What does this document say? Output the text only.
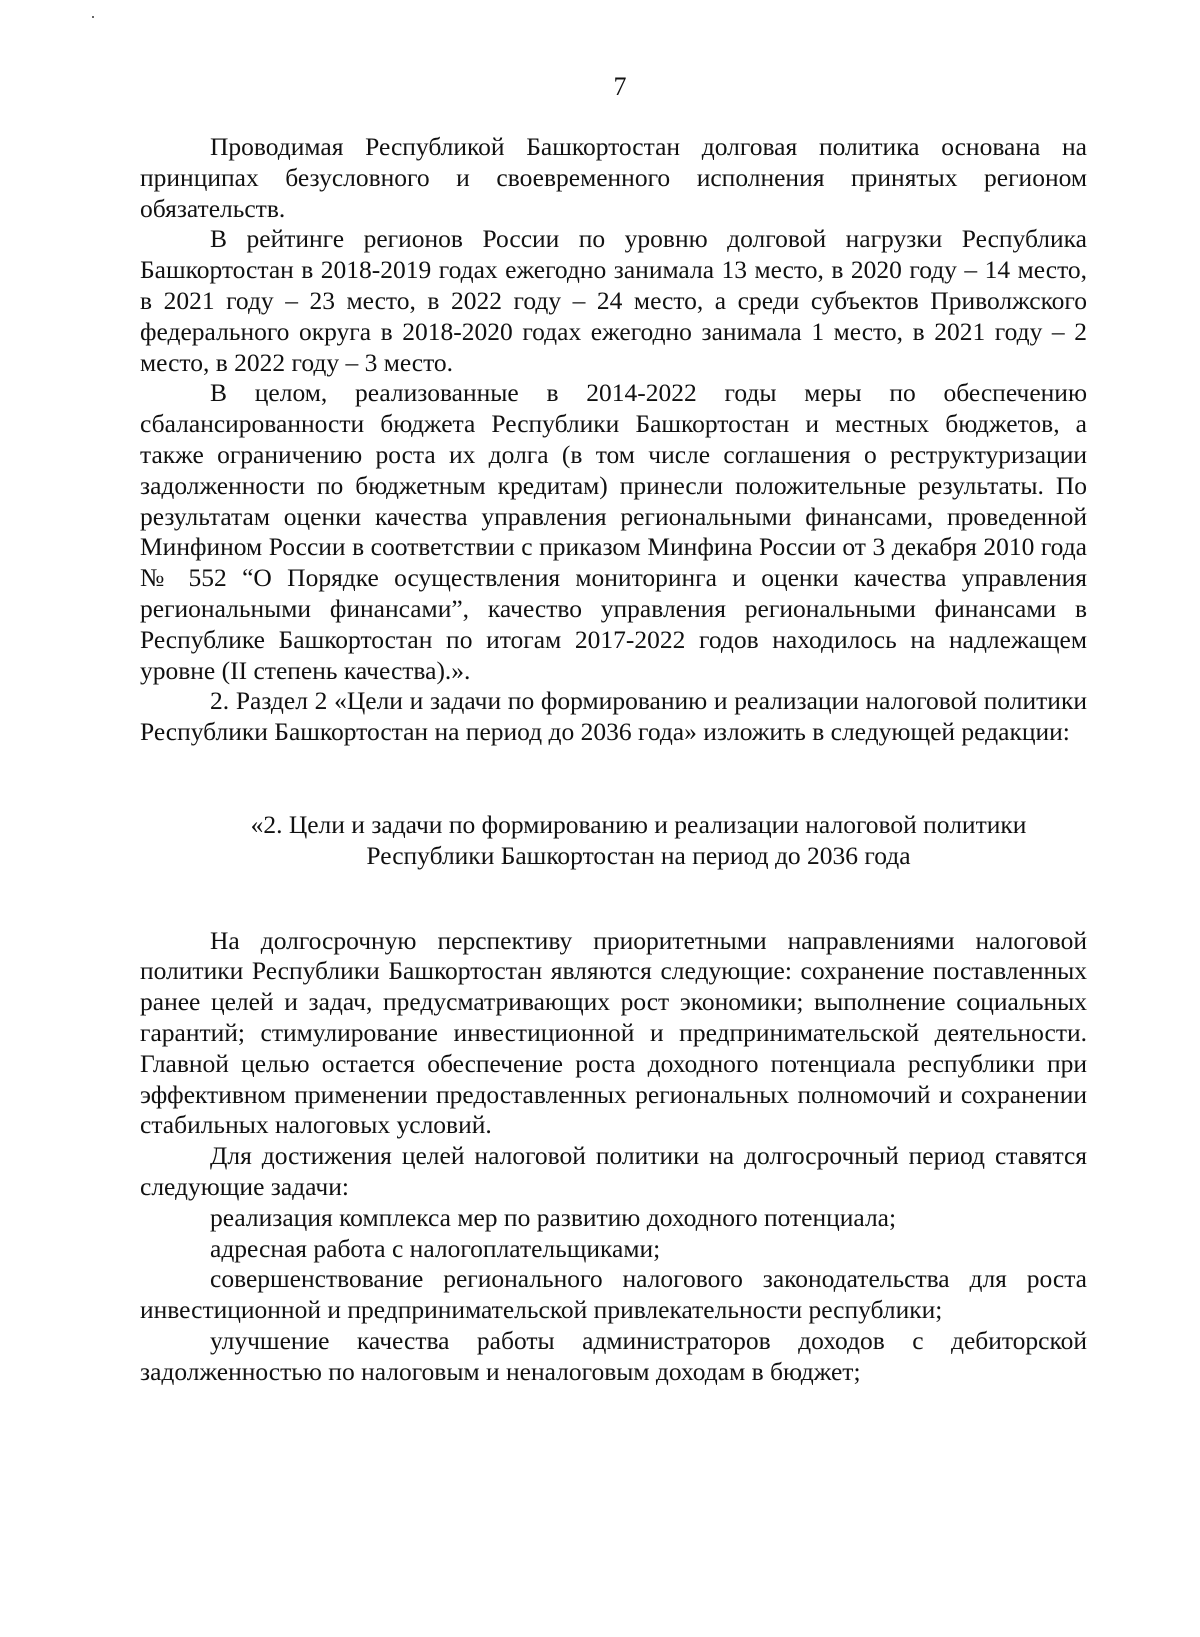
7

Проводимая Республикой Башкортостан долговая политика основана на принципах безусловного и своевременного исполнения принятых регионом обязательств.

В рейтинге регионов России по уровню долговой нагрузки Республика Башкортостан в 2018-2019 годах ежегодно занимала 13 место, в 2020 году – 14 место, в 2021 году – 23 место, в 2022 году – 24 место, а среди субъектов Приволжского федерального округа в 2018-2020 годах ежегодно занимала 1 место, в 2021 году – 2 место, в 2022 году – 3 место.

В целом, реализованные в 2014-2022 годы меры по обеспечению сбалансированности бюджета Республики Башкортостан и местных бюджетов, а также ограничению роста их долга (в том числе соглашения о реструктуризации задолженности по бюджетным кредитам) принесли положительные результаты. По результатам оценки качества управления региональными финансами, проведенной Минфином России в соответствии с приказом Минфина России от 3 декабря 2010 года № 552 “О Порядке осуществления мониторинга и оценки качества управления региональными финансами”, качество управления региональными финансами в Республике Башкортостан по итогам 2017-2022 годов находилось на надлежащем уровне (II степень качества).».

2. Раздел 2 «Цели и задачи по формированию и реализации налоговой политики Республики Башкортостан на период до 2036 года» изложить в следующей редакции:

«2. Цели и задачи по формированию и реализации налоговой политики
Республики Башкортостан на период до 2036 года

На долгосрочную перспективу приоритетными направлениями налоговой политики Республики Башкортостан являются следующие: сохранение поставленных ранее целей и задач, предусматривающих рост экономики; выполнение социальных гарантий; стимулирование инвестиционной и предпринимательской деятельности. Главной целью остается обеспечение роста доходного потенциала республики при эффективном применении предоставленных региональных полномочий и сохранении стабильных налоговых условий.

Для достижения целей налоговой политики на долгосрочный период ставятся следующие задачи:

реализация комплекса мер по развитию доходного потенциала;

адресная работа с налогоплательщиками;

совершенствование регионального налогового законодательства для роста инвестиционной и предпринимательской привлекательности республики;

улучшение качества работы администраторов доходов с дебиторской задолженностью по налоговым и неналоговым доходам в бюджет;
